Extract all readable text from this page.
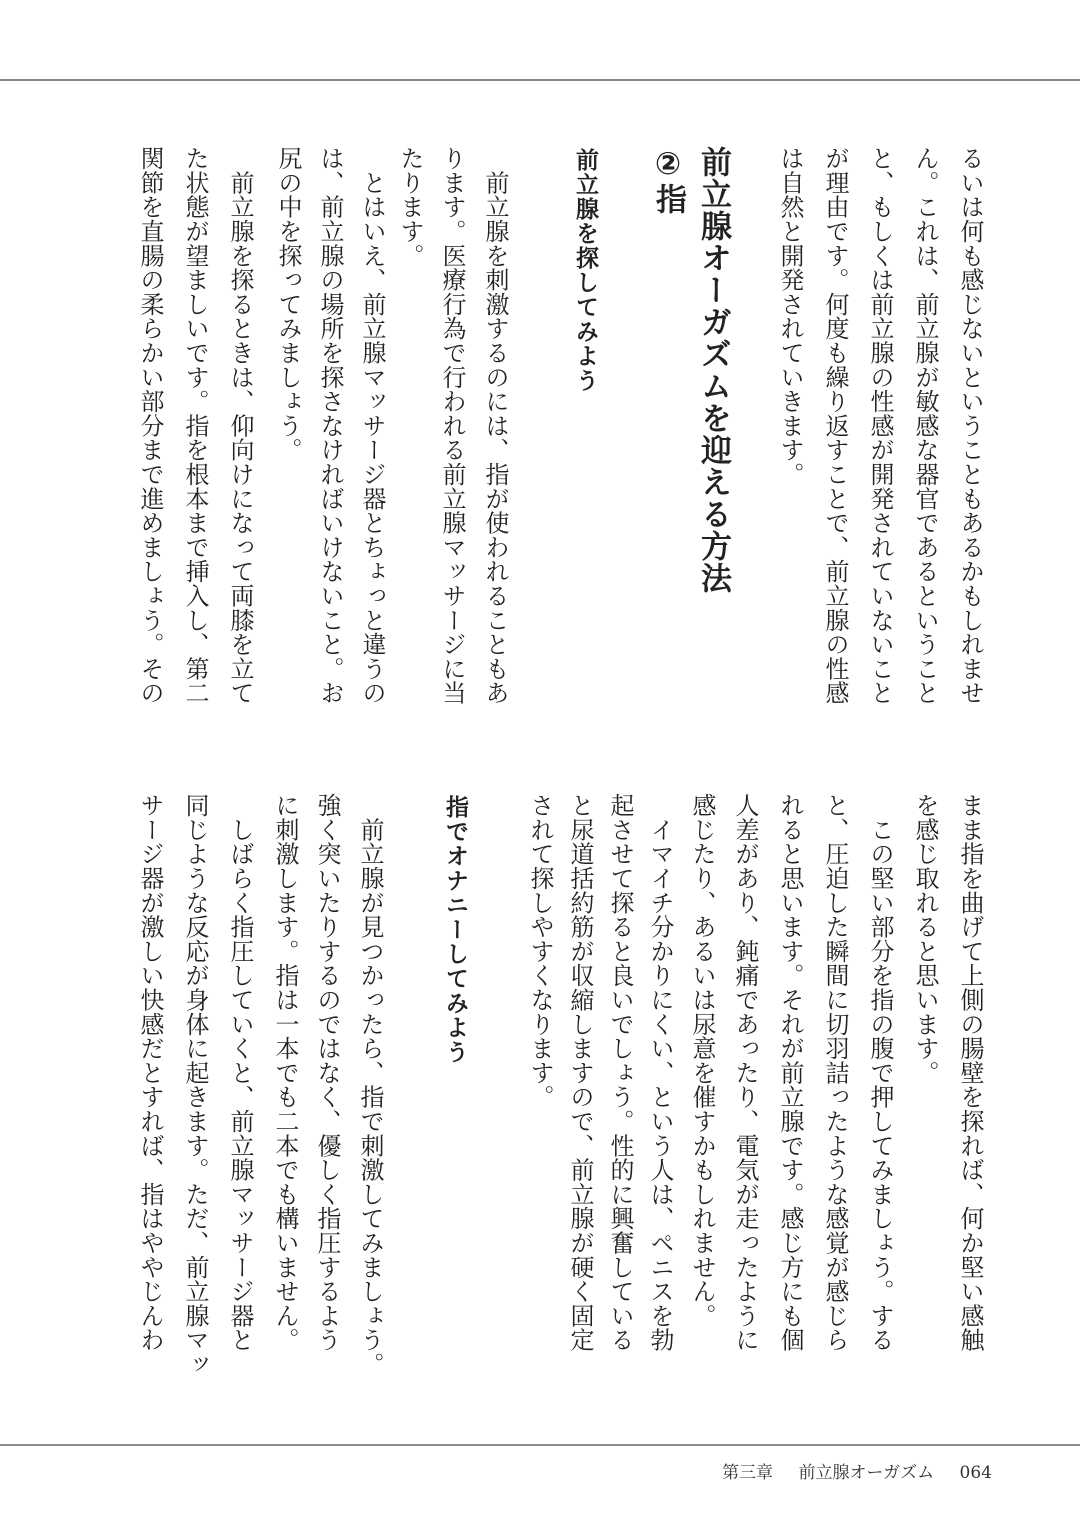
るいは何も感じないということもあるかもしれませ
ん。これは、前立腺が敏感な器官であるということ
と、もしくは前立腺の性感が開発されていないこと
が理由です。何度も繰り返すことで、前立腺の性感
は自然と開発されていきます。
前立腺オーガズムを迎える方法
②指
前立腺を探してみよう
　前立腺を刺激するのには、指が使われることもあ
ります。医療行為で行われる前立腺マッサージに当
たります。
　とはいえ、前立腺マッサージ器とちょっと違うの
は、前立腺の場所を探さなければいけないこと。お
尻の中を探ってみましょう。
　前立腺を探るときは、仰向けになって両膝を立て
た状態が望ましいです。指を根本まで挿入し、第二
関節を直腸の柔らかい部分まで進めましょう。その
まま指を曲げて上側の腸壁を探れば、何か堅い感触
を感じ取れると思います。
　この堅い部分を指の腹で押してみましょう。する
と、圧迫した瞬間に切羽詰ったような感覚が感じら
れると思います。それが前立腺です。感じ方にも個
人差があり、鈍痛であったり、電気が走ったように
感じたり、あるいは尿意を催すかもしれません。
　イマイチ分かりにくい、という人は、ペニスを勃
起させて探ると良いでしょう。性的に興奮している
と尿道括約筋が収縮しますので、前立腺が硬く固定
されて探しやすくなります。
指でオナニーしてみよう
　前立腺が見つかったら、指で刺激してみましょう。
強く突いたりするのではなく、優しく指圧するよう
に刺激します。指は一本でも二本でも構いません。
　しばらく指圧していくと、前立腺マッサージ器と
同じような反応が身体に起きます。ただ、前立腺マッ
サージ器が激しい快感だとすれば、指はややじんわ
第三章 前立腺オーガズム 064
